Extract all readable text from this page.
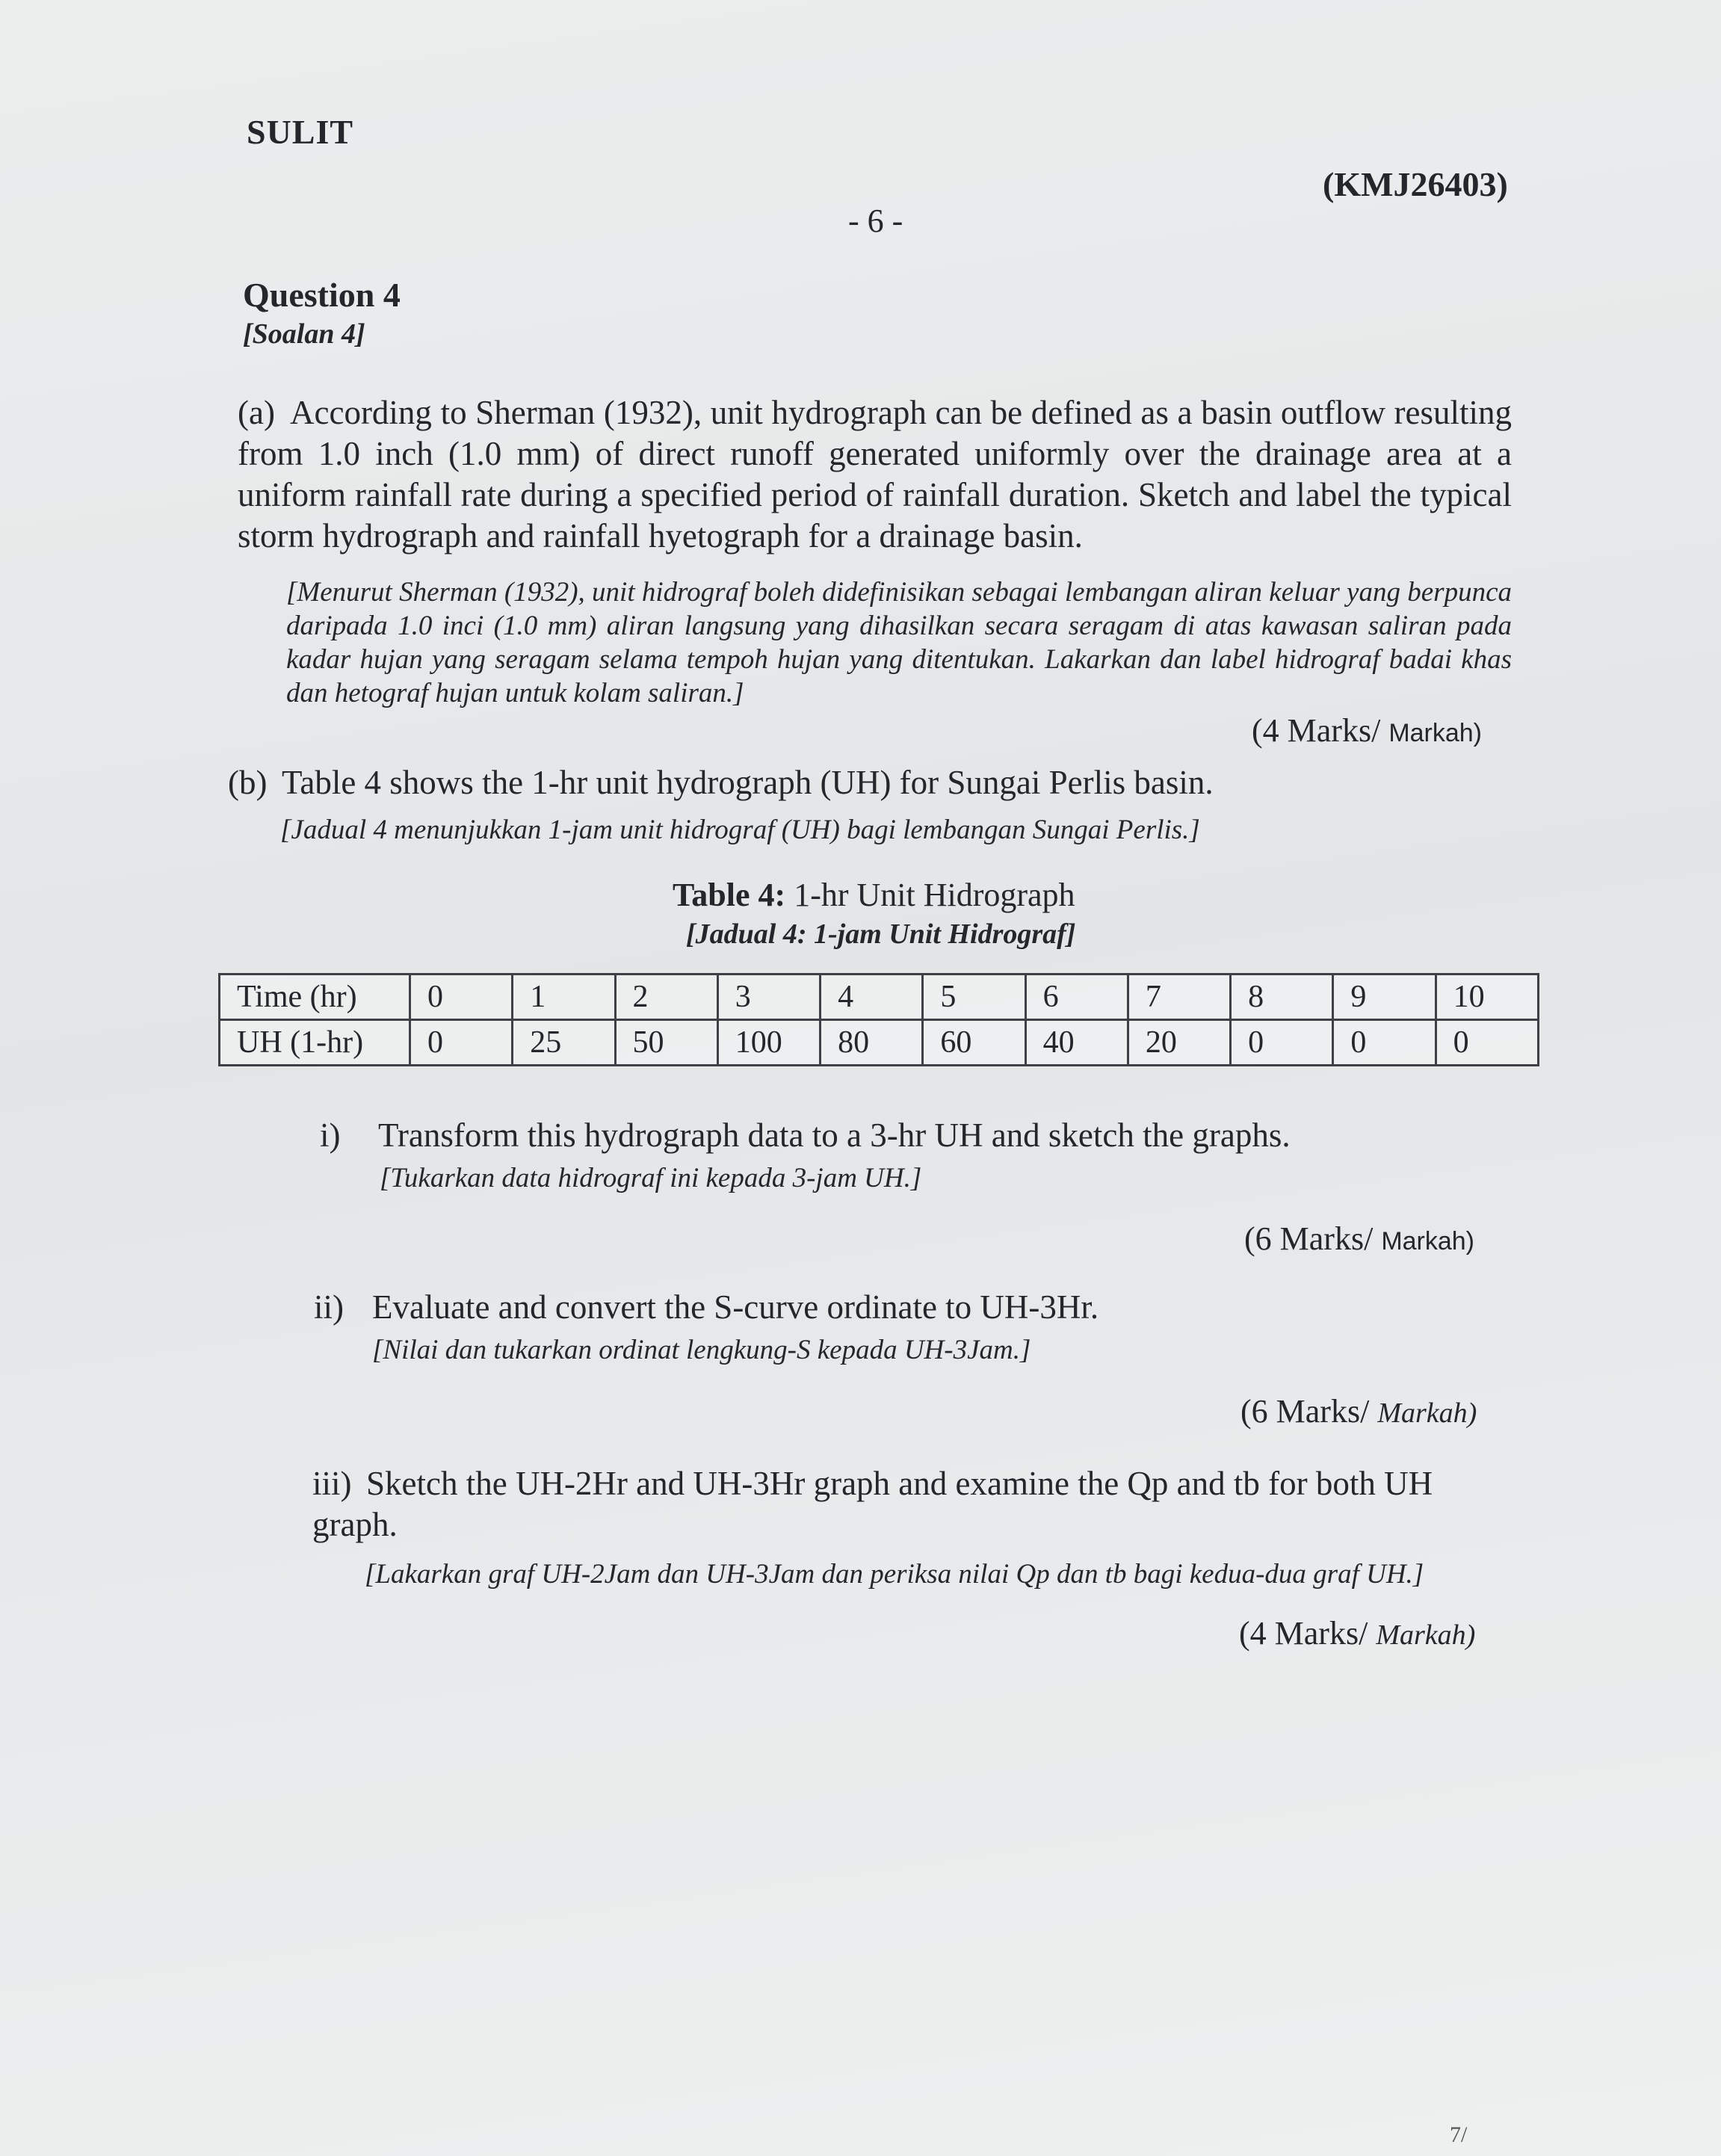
SULIT
(KMJ26403)
- 6 -
Question 4
[Soalan 4]
(a) According to Sherman (1932), unit hydrograph can be defined as a basin outflow resulting from 1.0 inch (1.0 mm) of direct runoff generated uniformly over the drainage area at a uniform rainfall rate during a specified period of rainfall duration. Sketch and label the typical storm hydrograph and rainfall hyetograph for a drainage basin.
[Menurut Sherman (1932), unit hidrograf boleh didefinisikan sebagai lembangan aliran keluar yang berpunca daripada 1.0 inci (1.0 mm) aliran langsung yang dihasilkan secara seragam di atas kawasan saliran pada kadar hujan yang seragam selama tempoh hujan yang ditentukan. Lakarkan dan label hidrograf badai khas dan hetograf hujan untuk kolam saliran.]
(4 Marks/ Markah)
(b) Table 4 shows the 1-hr unit hydrograph (UH) for Sungai Perlis basin.
[Jadual 4 menunjukkan 1-jam unit hidrograf (UH) bagi lembangan Sungai Perlis.]
Table 4: 1-hr Unit Hidrograph
[Jadual 4: 1-jam Unit Hidrograf]
Time (hr)	0	1	2	3	4	5	6	7	8	9	10
UH (1-hr)	0	25	50	100	80	60	40	20	0	0	0
i) Transform this hydrograph data to a 3-hr UH and sketch the graphs.
[Tukarkan data hidrograf ini kepada 3-jam UH.]
(6 Marks/ Markah)
ii) Evaluate and convert the S-curve ordinate to UH-3Hr.
[Nilai dan tukarkan ordinat lengkung-S kepada UH-3Jam.]
(6 Marks/ Markah)
iii) Sketch the UH-2Hr and UH-3Hr graph and examine the Qp and tb for both UH graph.
[Lakarkan graf UH-2Jam dan UH-3Jam dan periksa nilai Qp dan tb bagi kedua-dua graf UH.]
(4 Marks/ Markah)
7/
